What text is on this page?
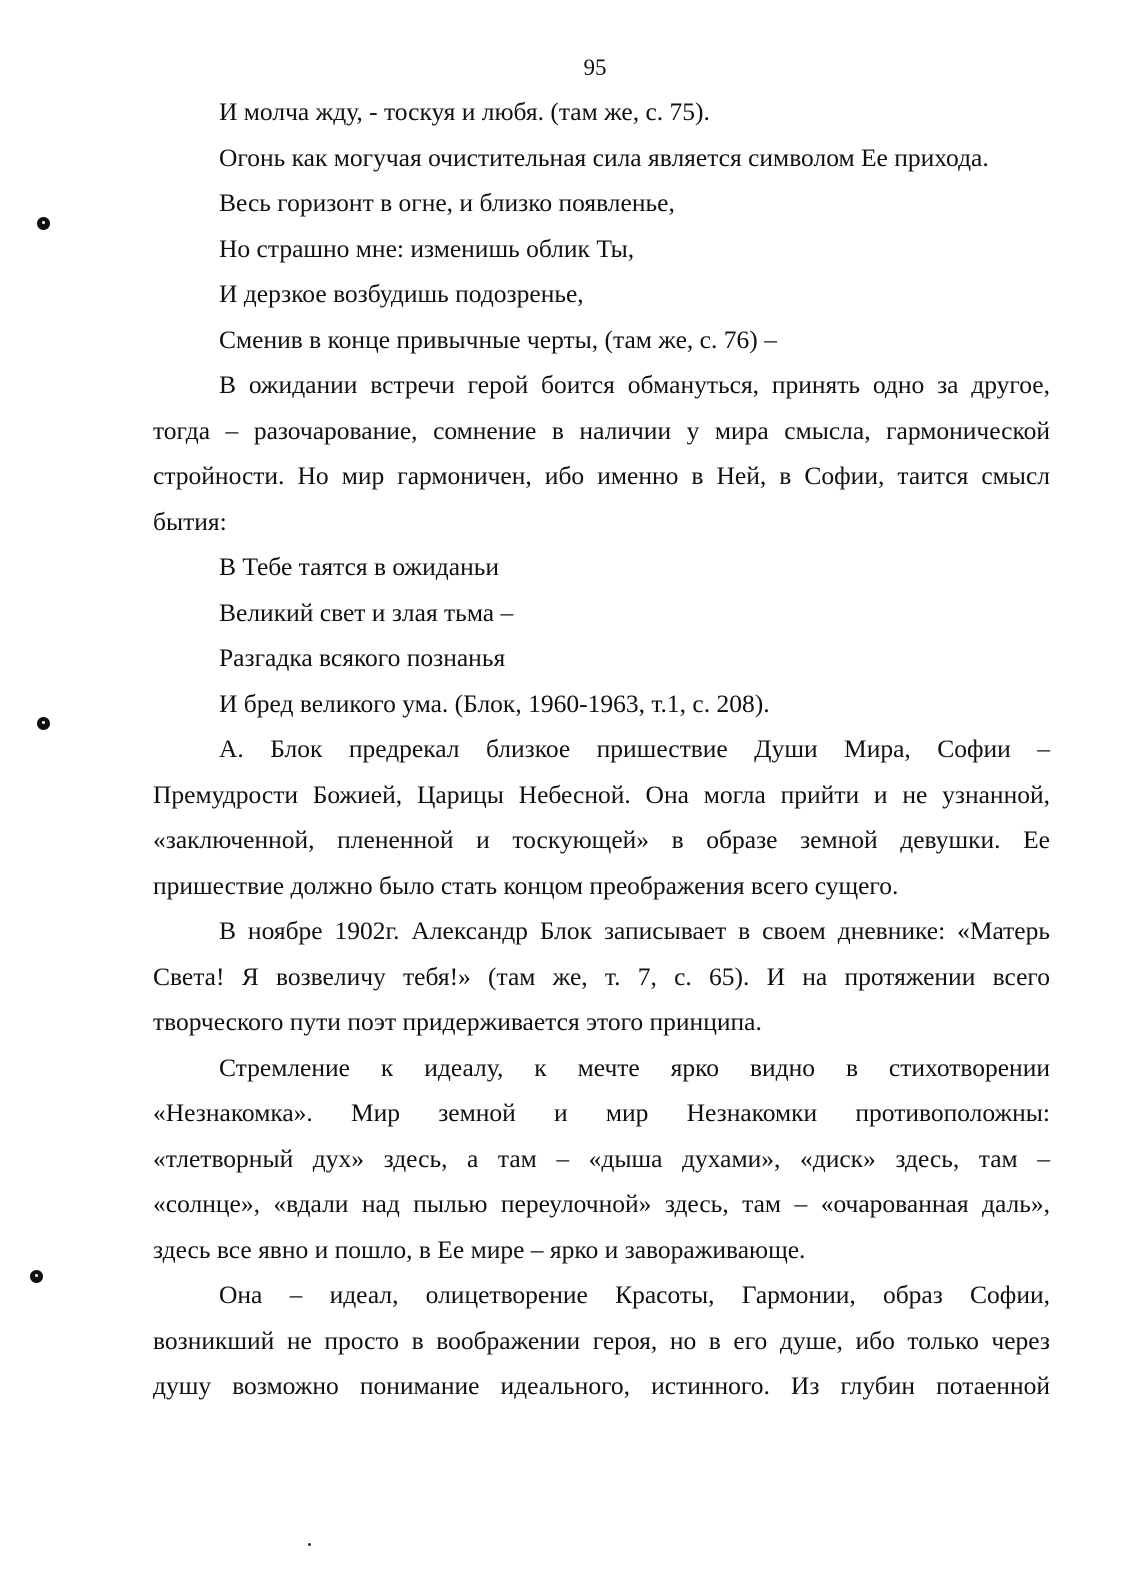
95

И молча жду, - тоскуя и любя. (там же, с. 75).

Огонь как могучая очистительная сила является символом Ее прихода.

Весь горизонт в огне, и близко появленье,

Но страшно мне: изменишь облик Ты,

И дерзкое возбудишь подозренье,

Сменив в конце привычные черты, (там же, с. 76) –

В ожидании встречи герой боится обмануться, принять одно за другое,

тогда – разочарование, сомнение в наличии у мира смысла, гармонической

стройности. Но мир гармоничен, ибо именно в Ней, в Софии, таится смысл

бытия:

В Тебе таятся в ожиданьи

Великий свет и злая тьма –

Разгадка всякого познанья

И бред великого ума. (Блок, 1960-1963, т.1, с. 208).

А. Блок предрекал близкое пришествие Души Мира, Софии –

Премудрости Божией, Царицы Небесной. Она могла прийти и не узнанной,

«заключенной, плененной и тоскующей» в образе земной девушки. Ее

пришествие должно было стать концом преображения всего сущего.

В ноябре 1902г. Александр Блок записывает в своем дневнике: «Матерь

Света! Я возвеличу тебя!» (там же, т. 7, с. 65). И на протяжении всего

творческого пути поэт придерживается этого принципа.

Стремление к идеалу, к мечте ярко видно в стихотворении

«Незнакомка». Мир земной и мир Незнакомки противоположны:

«тлетворный дух» здесь, а там – «дыша духами», «диск» здесь, там –

«солнце», «вдали над пылью переулочной» здесь, там – «очарованная даль»,

здесь все явно и пошло, в Ее мире – ярко и завораживающе.

Она – идеал, олицетворение Красоты, Гармонии, образ Софии,

возникший не просто в воображении героя, но в его душе, ибо только через

душу возможно понимание идеального, истинного. Из глубин потаенной
